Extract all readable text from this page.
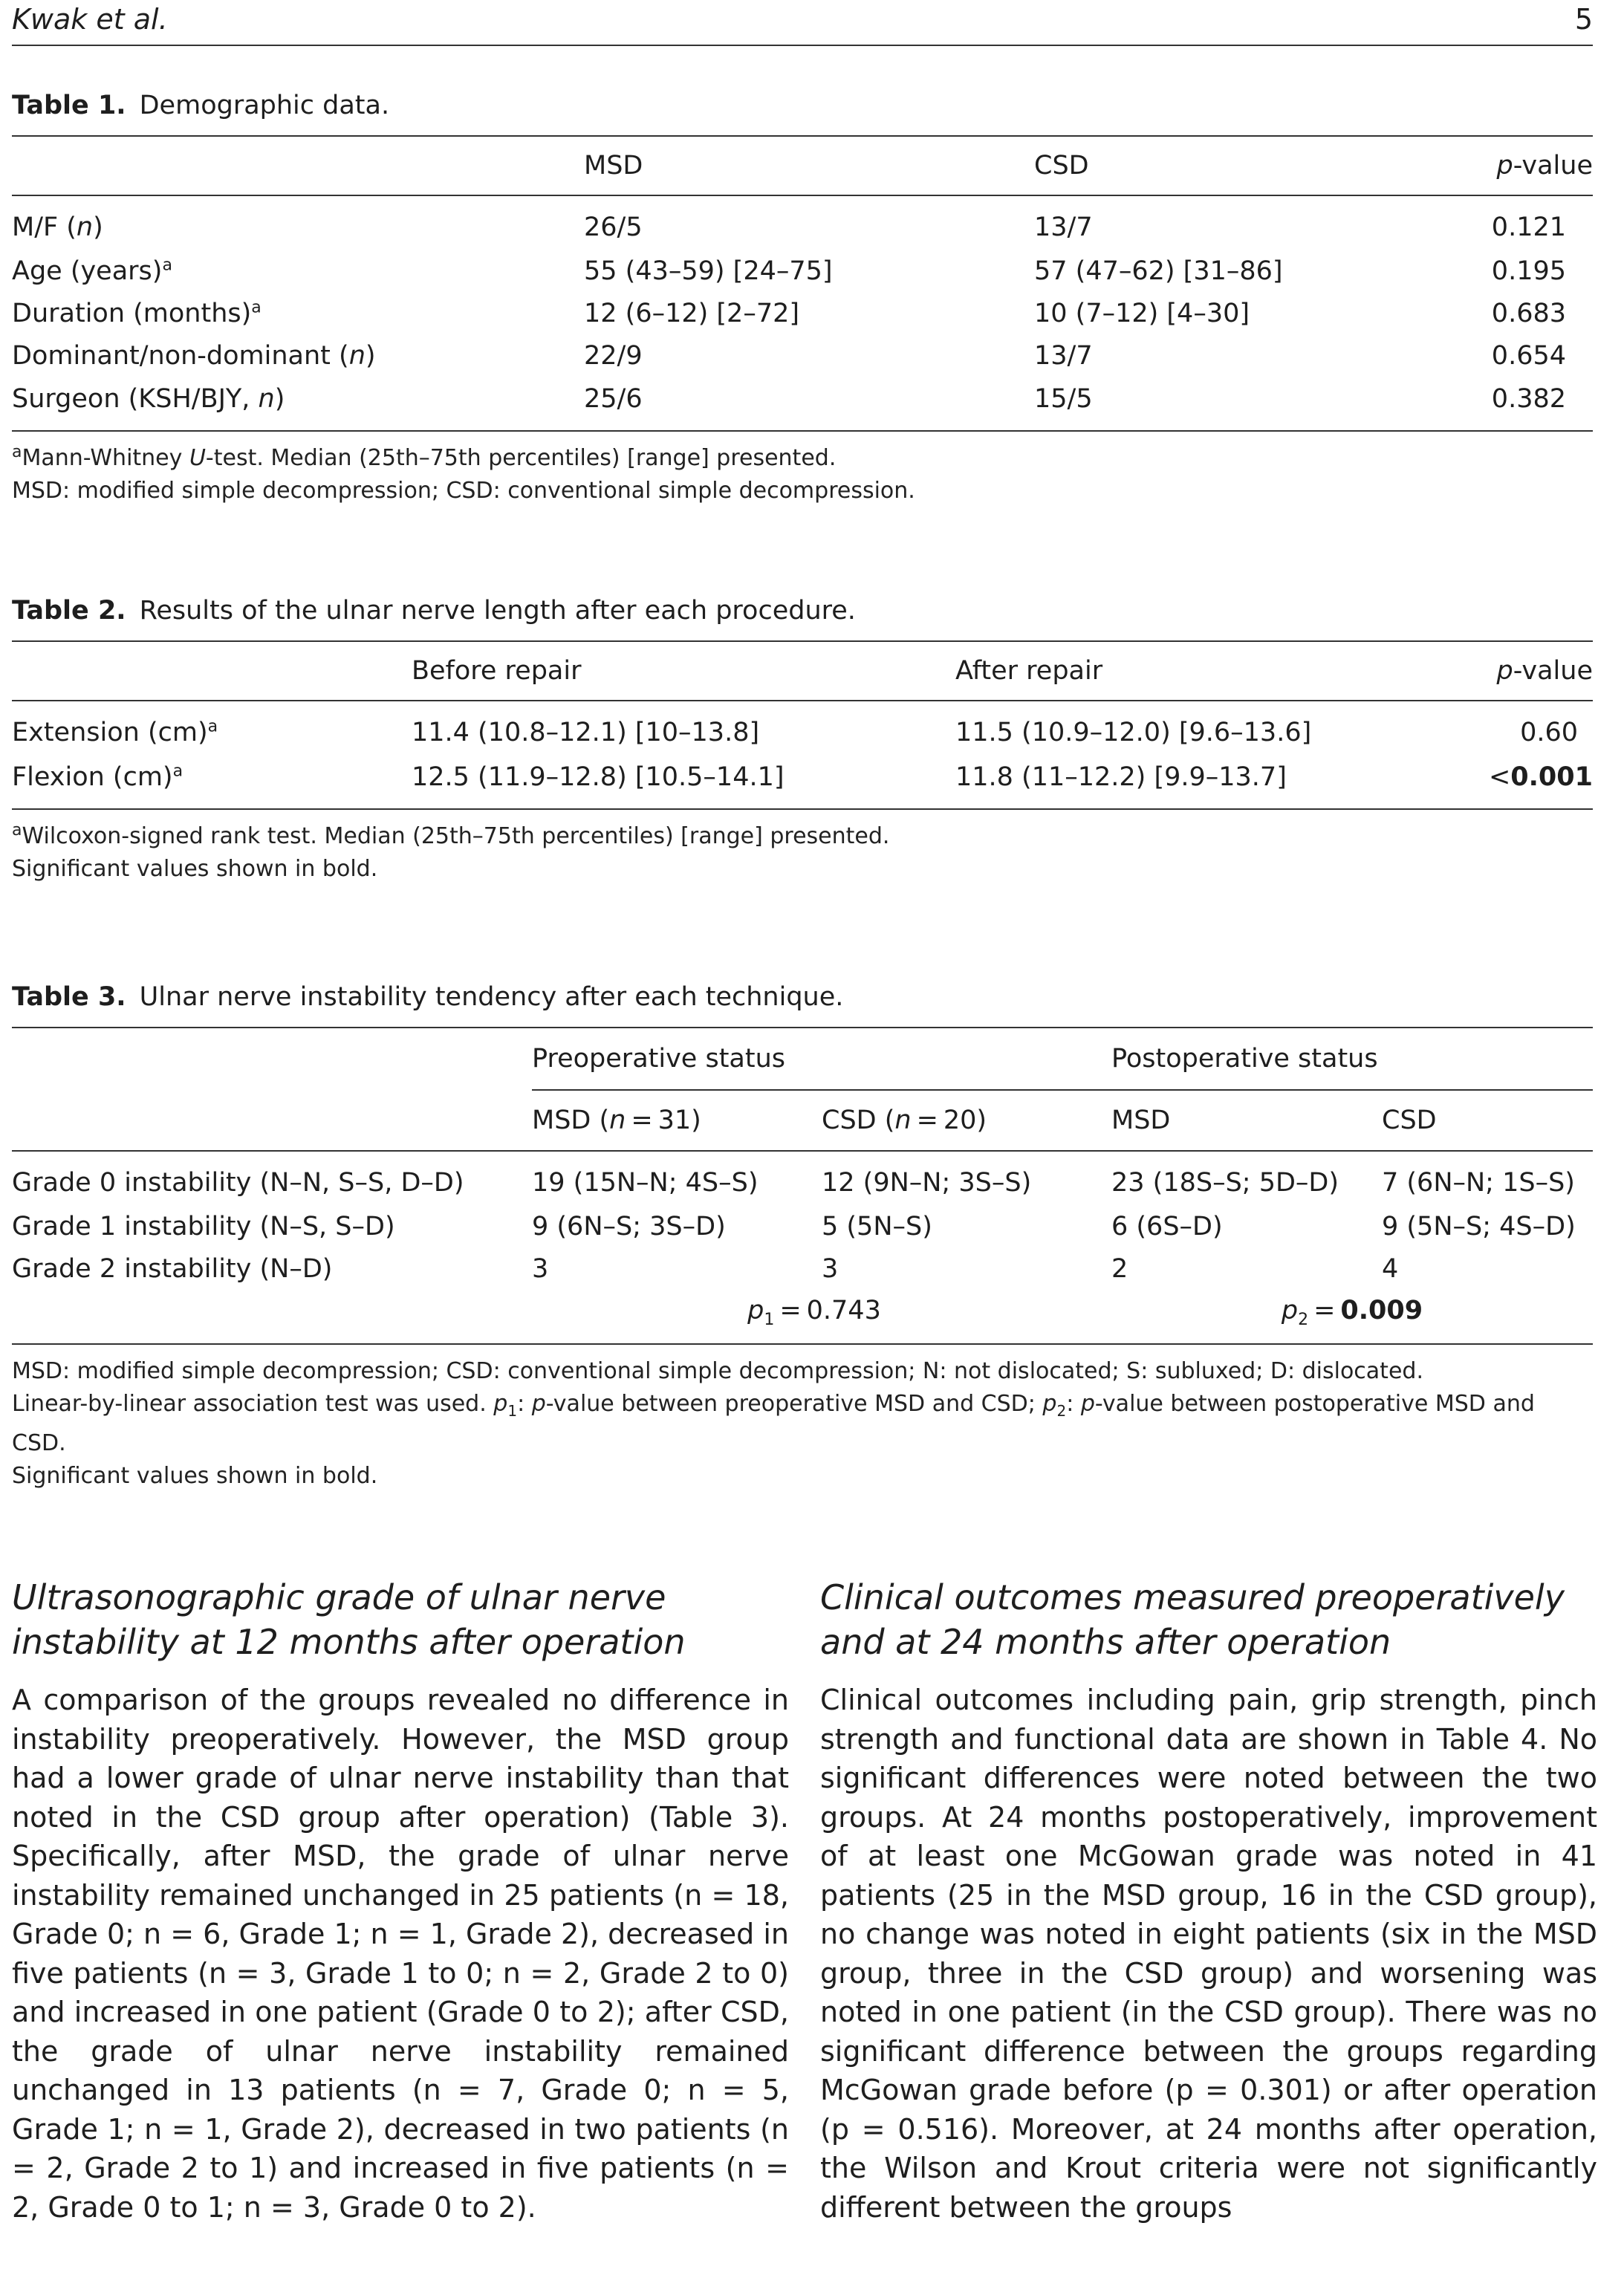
Kwak et al.	5
Table 1. Demographic data.
	MSD	CSD	p-value
M/F (n)	26/5	13/7	0.121
Age (years)$^a$	55 (43–59) [24–75]	57 (47–62) [31–86]	0.195
Duration (months)$^a$	12 (6–12) [2–72]	10 (7–12) [4–30]	0.683
Dominant/non-dominant (n)	22/9	13/7	0.654
Surgeon (KSH/BJY, n)	25/6	15/5	0.382
$^a$Mann-Whitney U-test. Median (25th–75th percentiles) [range] presented.
MSD: modified simple decompression; CSD: conventional simple decompression.
Table 2. Results of the ulnar nerve length after each procedure.
	Before repair	After repair	p-value
Extension (cm)$^a$	11.4 (10.8–12.1) [10–13.8]	11.5 (10.9–12.0) [9.6–13.6]	0.60
Flexion (cm)$^a$	12.5 (11.9–12.8) [10.5–14.1]	11.8 (11–12.2) [9.9–13.7]	<0.001
$^a$Wilcoxon-signed rank test. Median (25th–75th percentiles) [range] presented.
Significant values shown in bold.
Table 3. Ulnar nerve instability tendency after each technique.
	Preoperative status		Postoperative status	
	MSD (n = 31)	CSD (n = 20)	MSD	CSD
Grade 0 instability (N–N, S–S, D–D)	19 (15N–N; 4S–S)	12 (9N–N; 3S–S)	23 (18S–S; 5D–D)	7 (6N–N; 1S–S)
Grade 1 instability (N–S, S–D)	9 (6N–S; 3S–D)	5 (5N–S)	6 (6S–D)	9 (5N–S; 4S–D)
Grade 2 instability (N–D)	3	3	2	4
	$p_1 = 0.743$		$p_2 = 0.009$	
MSD: modified simple decompression; CSD: conventional simple decompression; N: not dislocated; S: subluxed; D: dislocated.
Linear-by-linear association test was used. $p_1$: p-value between preoperative MSD and CSD; $p_2$: p-value between postoperative MSD and CSD.
Significant values shown in bold.
Ultrasonographic grade of ulnar nerve
instability at 12 months after operation

A comparison of the groups revealed no difference in instability preoperatively. However, the MSD group had a lower grade of ulnar nerve instability than that noted in the CSD group after operation) (Table 3). Specifically, after MSD, the grade of ulnar nerve instability remained unchanged in 25 patients (n = 18, Grade 0; n = 6, Grade 1; n = 1, Grade 2), decreased in five patients (n = 3, Grade 1 to 0; n = 2, Grade 2 to 0) and increased in one patient (Grade 0 to 2); after CSD, the grade of ulnar nerve instability remained unchanged in 13 patients (n = 7, Grade 0; n = 5, Grade 1; n = 1, Grade 2), decreased in two patients (n = 2, Grade 2 to 1) and increased in five patients (n = 2, Grade 0 to 1; n = 3, Grade 0 to 2).

Clinical outcomes measured preoperatively
and at 24 months after operation

Clinical outcomes including pain, grip strength, pinch strength and functional data are shown in Table 4. No significant differences were noted between the two groups. At 24 months postoperatively, improvement of at least one McGowan grade was noted in 41 patients (25 in the MSD group, 16 in the CSD group), no change was noted in eight patients (six in the MSD group, three in the CSD group) and worsening was noted in one patient (in the CSD group). There was no significant difference between the groups regarding McGowan grade before (p = 0.301) or after operation (p = 0.516). Moreover, at 24 months after operation, the Wilson and Krout criteria were not significantly different between the groups
